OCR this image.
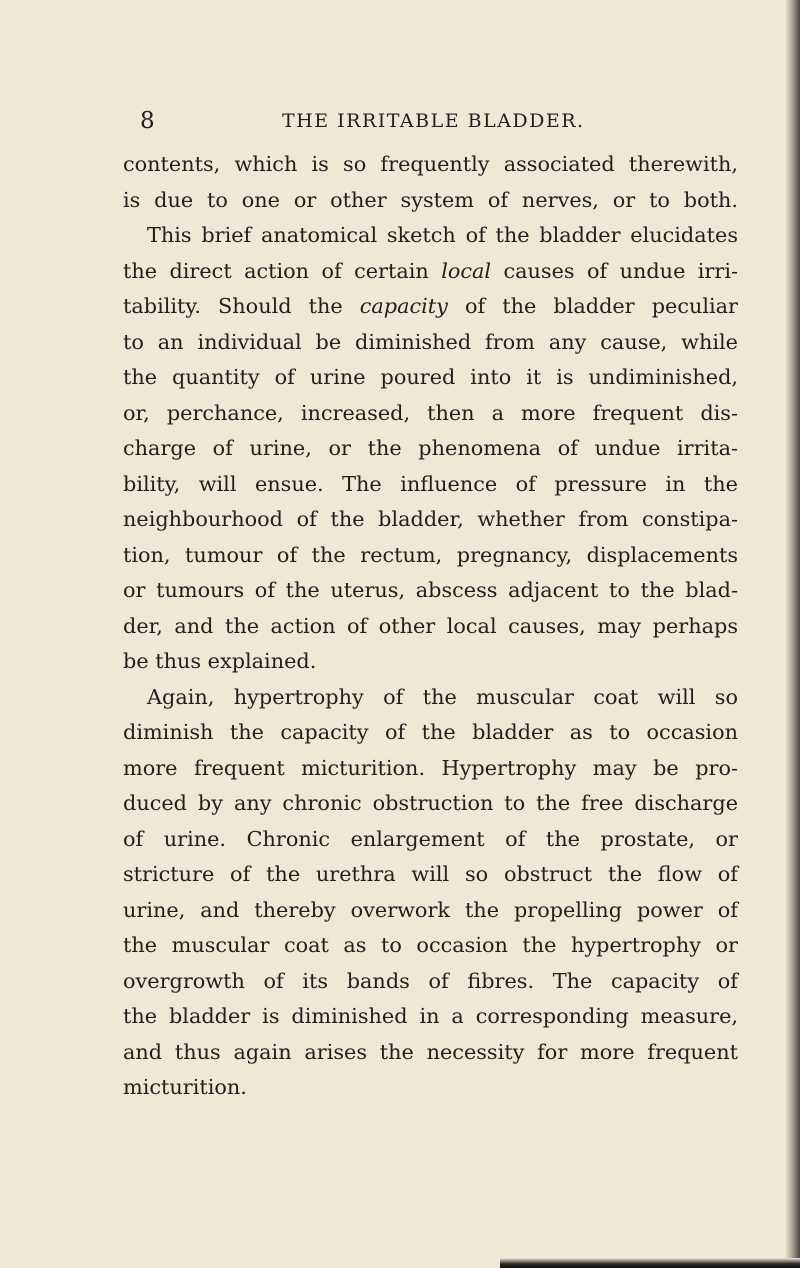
8	THE IRRITABLE BLADDER.
contents, which is so frequently associated therewith,
is due to one or other system of nerves, or to both.
This brief anatomical sketch of the bladder elucidates
the direct action of certain local causes of undue irri-
tability. Should the capacity of the bladder peculiar
to an individual be diminished from any cause, while
the quantity of urine poured into it is undiminished,
or, perchance, increased, then a more frequent dis-
charge of urine, or the phenomena of undue irrita-
bility, will ensue. The influence of pressure in the
neighbourhood of the bladder, whether from constipa-
tion, tumour of the rectum, pregnancy, displacements
or tumours of the uterus, abscess adjacent to the blad-
der, and the action of other local causes, may perhaps
be thus explained.
Again, hypertrophy of the muscular coat will so
diminish the capacity of the bladder as to occasion
more frequent micturition. Hypertrophy may be pro-
duced by any chronic obstruction to the free discharge
of urine. Chronic enlargement of the prostate, or
stricture of the urethra will so obstruct the flow of
urine, and thereby overwork the propelling power of
the muscular coat as to occasion the hypertrophy or
overgrowth of its bands of fibres. The capacity of
the bladder is diminished in a corresponding measure,
and thus again arises the necessity for more frequent
micturition.
